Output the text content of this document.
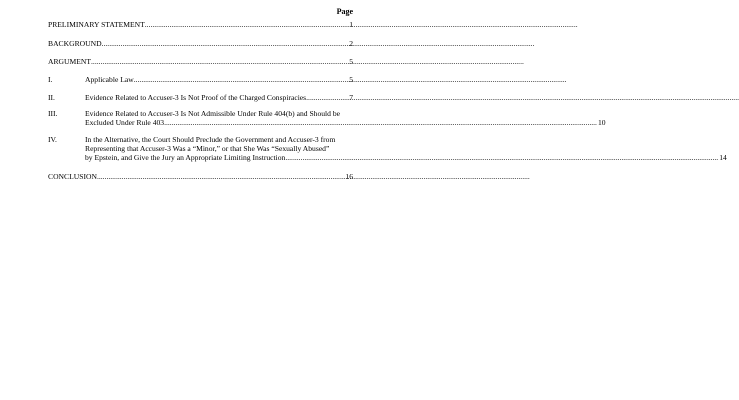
Page
PRELIMINARY STATEMENT .....	1
BACKGROUND .....	2
ARGUMENT .....	5
I.	Applicable Law .....	5
II.	Evidence Related to Accuser-3 Is Not Proof of the Charged Conspiracies .....	7
III.	Evidence Related to Accuser-3 Is Not Admissible Under Rule 404(b) and Should be
Excluded Under Rule 403 .....	10
IV.	In the Alternative, the Court Should Preclude the Government and Accuser-3 from
Representing that Accuser-3 Was a “Minor,” or that She Was “Sexually Abused”
by Epstein, and Give the Jury an Appropriate Limiting Instruction .....	14
CONCLUSION .....	16
